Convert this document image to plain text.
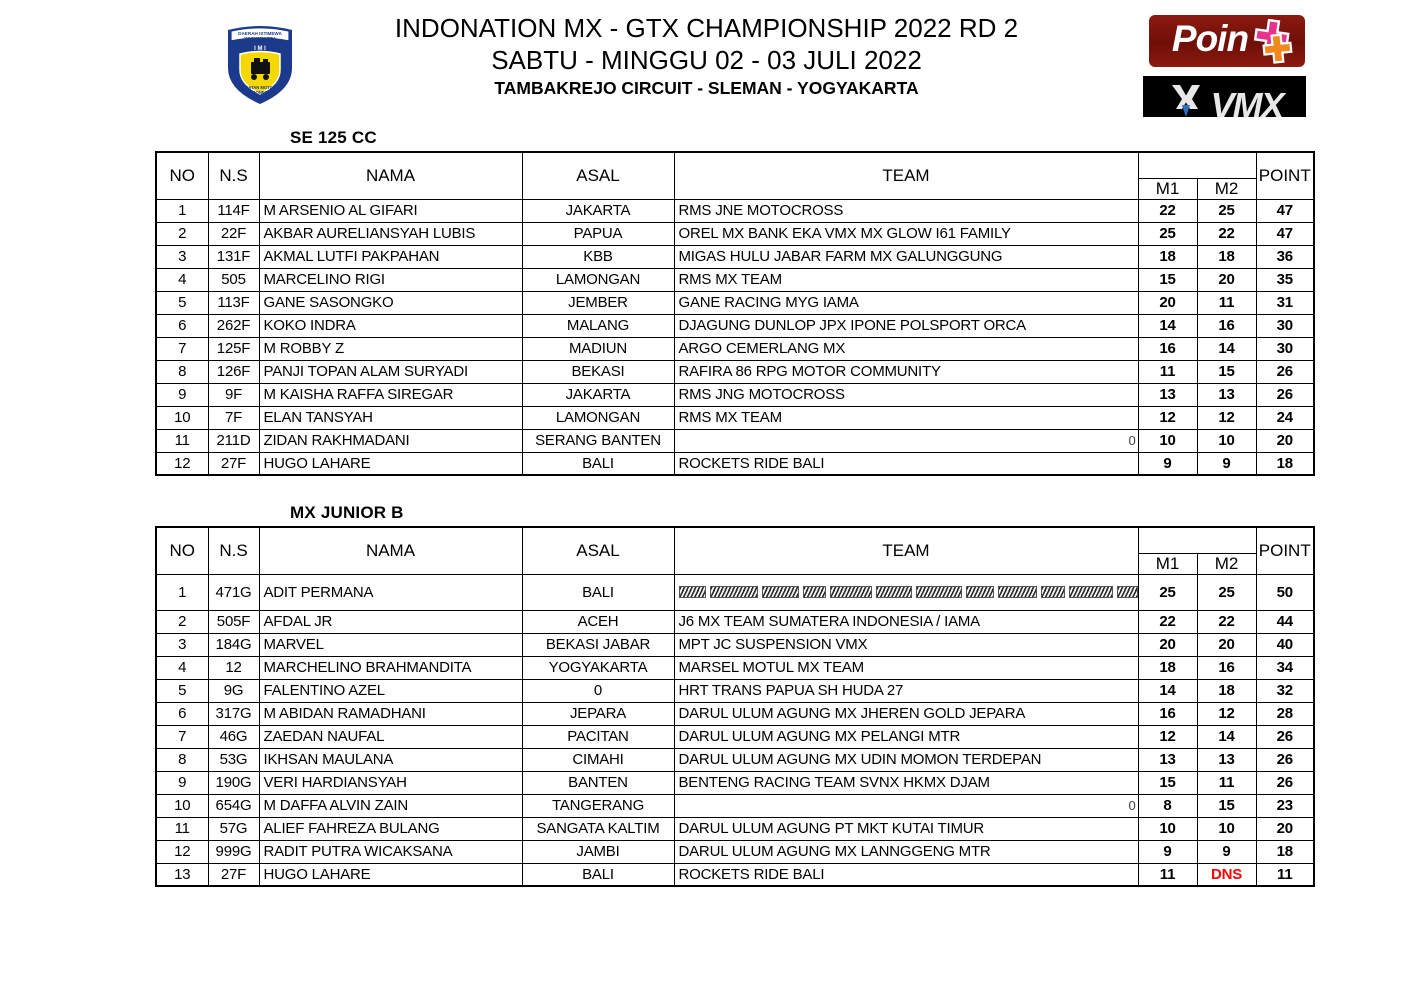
DAERAH ISTIMEWA
YOGYAKARTA
I M I
IKATAN MOTOR
INDONESIA
INDONATION MX - GTX CHAMPIONSHIP 2022 RD 2
SABTU - MINGGU 02 - 03 JULI 2022
TAMBAKREJO CIRCUIT - SLEMAN - YOGYAKARTA
Poin
VMX
SE 125 CC
NO	N.S	NAMA	ASAL	TEAM			POINT
					M1	M2	
1	114F	M ARSENIO AL GIFARI	JAKARTA	RMS JNE MOTOCROSS	22	25	47
2	22F	AKBAR AURELIANSYAH LUBIS	PAPUA	OREL MX BANK EKA VMX MX GLOW I61 FAMILY	25	22	47
3	131F	AKMAL LUTFI PAKPAHAN	KBB	MIGAS HULU JABAR FARM MX GALUNGGUNG	18	18	36
4	505	MARCELINO RIGI	LAMONGAN	RMS MX TEAM	15	20	35
5	113F	GANE SASONGKO	JEMBER	GANE RACING MYG IAMA	20	11	31
6	262F	KOKO INDRA	MALANG	DJAGUNG DUNLOP JPX IPONE POLSPORT ORCA	14	16	30
7	125F	M ROBBY Z	MADIUN	ARGO CEMERLANG MX	16	14	30
8	126F	PANJI TOPAN ALAM SURYADI	BEKASI	RAFIRA 86 RPG MOTOR COMMUNITY	11	15	26
9	9F	M KAISHA RAFFA SIREGAR	JAKARTA	RMS JNG MOTOCROSS	13	13	26
10	7F	ELAN TANSYAH	LAMONGAN	RMS MX TEAM	12	12	24
11	211D	ZIDAN RAKHMADANI	SERANG BANTEN	0	10	10	20
12	27F	HUGO LAHARE	BALI	ROCKETS RIDE BALI	9	9	18
MX JUNIOR B
NO	N.S	NAMA	ASAL	TEAM			POINT
					M1	M2	
1	471G	ADIT PERMANA	BALI		25	25	50
2	505F	AFDAL JR	ACEH	J6 MX TEAM SUMATERA INDONESIA / IAMA	22	22	44
3	184G	MARVEL	BEKASI JABAR	MPT JC SUSPENSION VMX	20	20	40
4	12	MARCHELINO BRAHMANDITA	YOGYAKARTA	MARSEL MOTUL MX TEAM	18	16	34
5	9G	FALENTINO AZEL	0	HRT TRANS PAPUA SH HUDA 27	14	18	32
6	317G	M ABIDAN RAMADHANI	JEPARA	DARUL ULUM AGUNG MX JHEREN GOLD JEPARA	16	12	28
7	46G	ZAEDAN NAUFAL	PACITAN	DARUL ULUM AGUNG MX PELANGI MTR	12	14	26
8	53G	IKHSAN MAULANA	CIMAHI	DARUL ULUM AGUNG MX UDIN MOMON TERDEPAN	13	13	26
9	190G	VERI HARDIANSYAH	BANTEN	BENTENG RACING TEAM SVNX HKMX DJAM	15	11	26
10	654G	M DAFFA ALVIN ZAIN	TANGERANG	0	8	15	23
11	57G	ALIEF FAHREZA BULANG	SANGATA KALTIM	DARUL ULUM AGUNG PT MKT KUTAI TIMUR	10	10	20
12	999G	RADIT PUTRA WICAKSANA	JAMBI	DARUL ULUM AGUNG MX LANNGGENG MTR	9	9	18
13	27F	HUGO LAHARE	BALI	ROCKETS RIDE BALI	11	DNS	11
